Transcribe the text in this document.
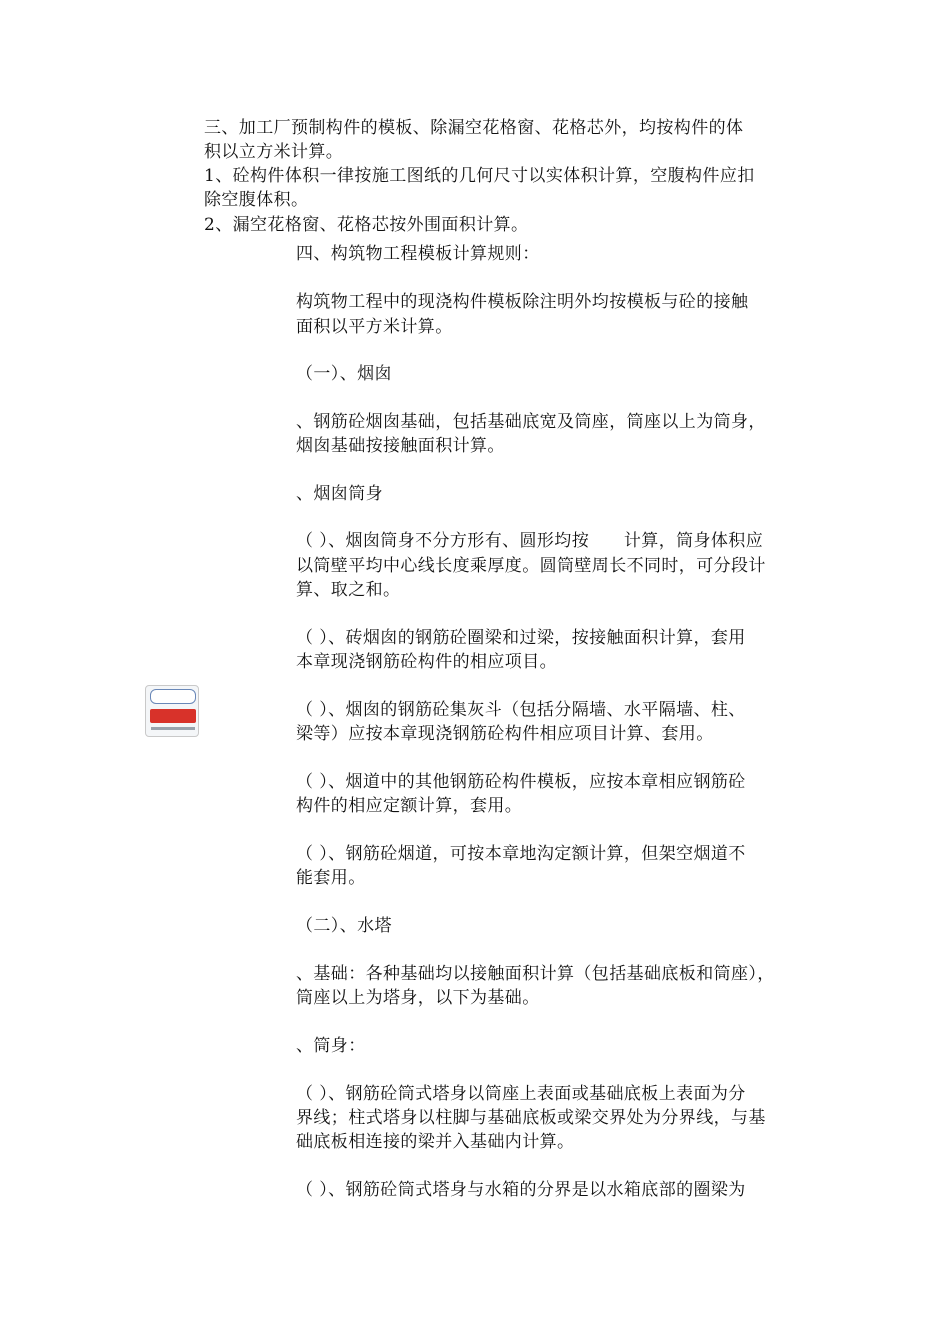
三、加工厂预制构件的模板、除漏空花格窗、花格芯外，均按构件的体

积以立方米计算。

1、砼构件体积一律按施工图纸的几何尺寸以实体积计算，空腹构件应扣

除空腹体积。

2、漏空花格窗、花格芯按外围面积计算。

四、构筑物工程模板计算规则：

构筑物工程中的现浇构件模板除注明外均按模板与砼的接触

面积以平方米计算。

（一）、烟囱

、钢筋砼烟囱基础，包括基础底宽及筒座，筒座以上为筒身，

烟囱基础按接触面积计算。

、烟囱筒身

（ ）、烟囱筒身不分方形有、圆形均按　　计算，筒身体积应

以筒壁平均中心线长度乘厚度。圆筒壁周长不同时，可分段计

算、取之和。

（ ）、砖烟囱的钢筋砼圈梁和过梁，按接触面积计算，套用

本章现浇钢筋砼构件的相应项目。

（ ）、烟囱的钢筋砼集灰斗（包括分隔墙、水平隔墙、柱、

梁等）应按本章现浇钢筋砼构件相应项目计算、套用。

（ ）、烟道中的其他钢筋砼构件模板，应按本章相应钢筋砼

构件的相应定额计算，套用。

（ ）、钢筋砼烟道，可按本章地沟定额计算，但架空烟道不

能套用。

（二）、水塔

、基础：各种基础均以接触面积计算（包括基础底板和筒座），

筒座以上为塔身，以下为基础。

、筒身：

（ ）、钢筋砼筒式塔身以筒座上表面或基础底板上表面为分

界线；柱式塔身以柱脚与基础底板或梁交界处为分界线，与基

础底板相连接的梁并入基础内计算。

（ ）、钢筋砼筒式塔身与水箱的分界是以水箱底部的圈梁为
